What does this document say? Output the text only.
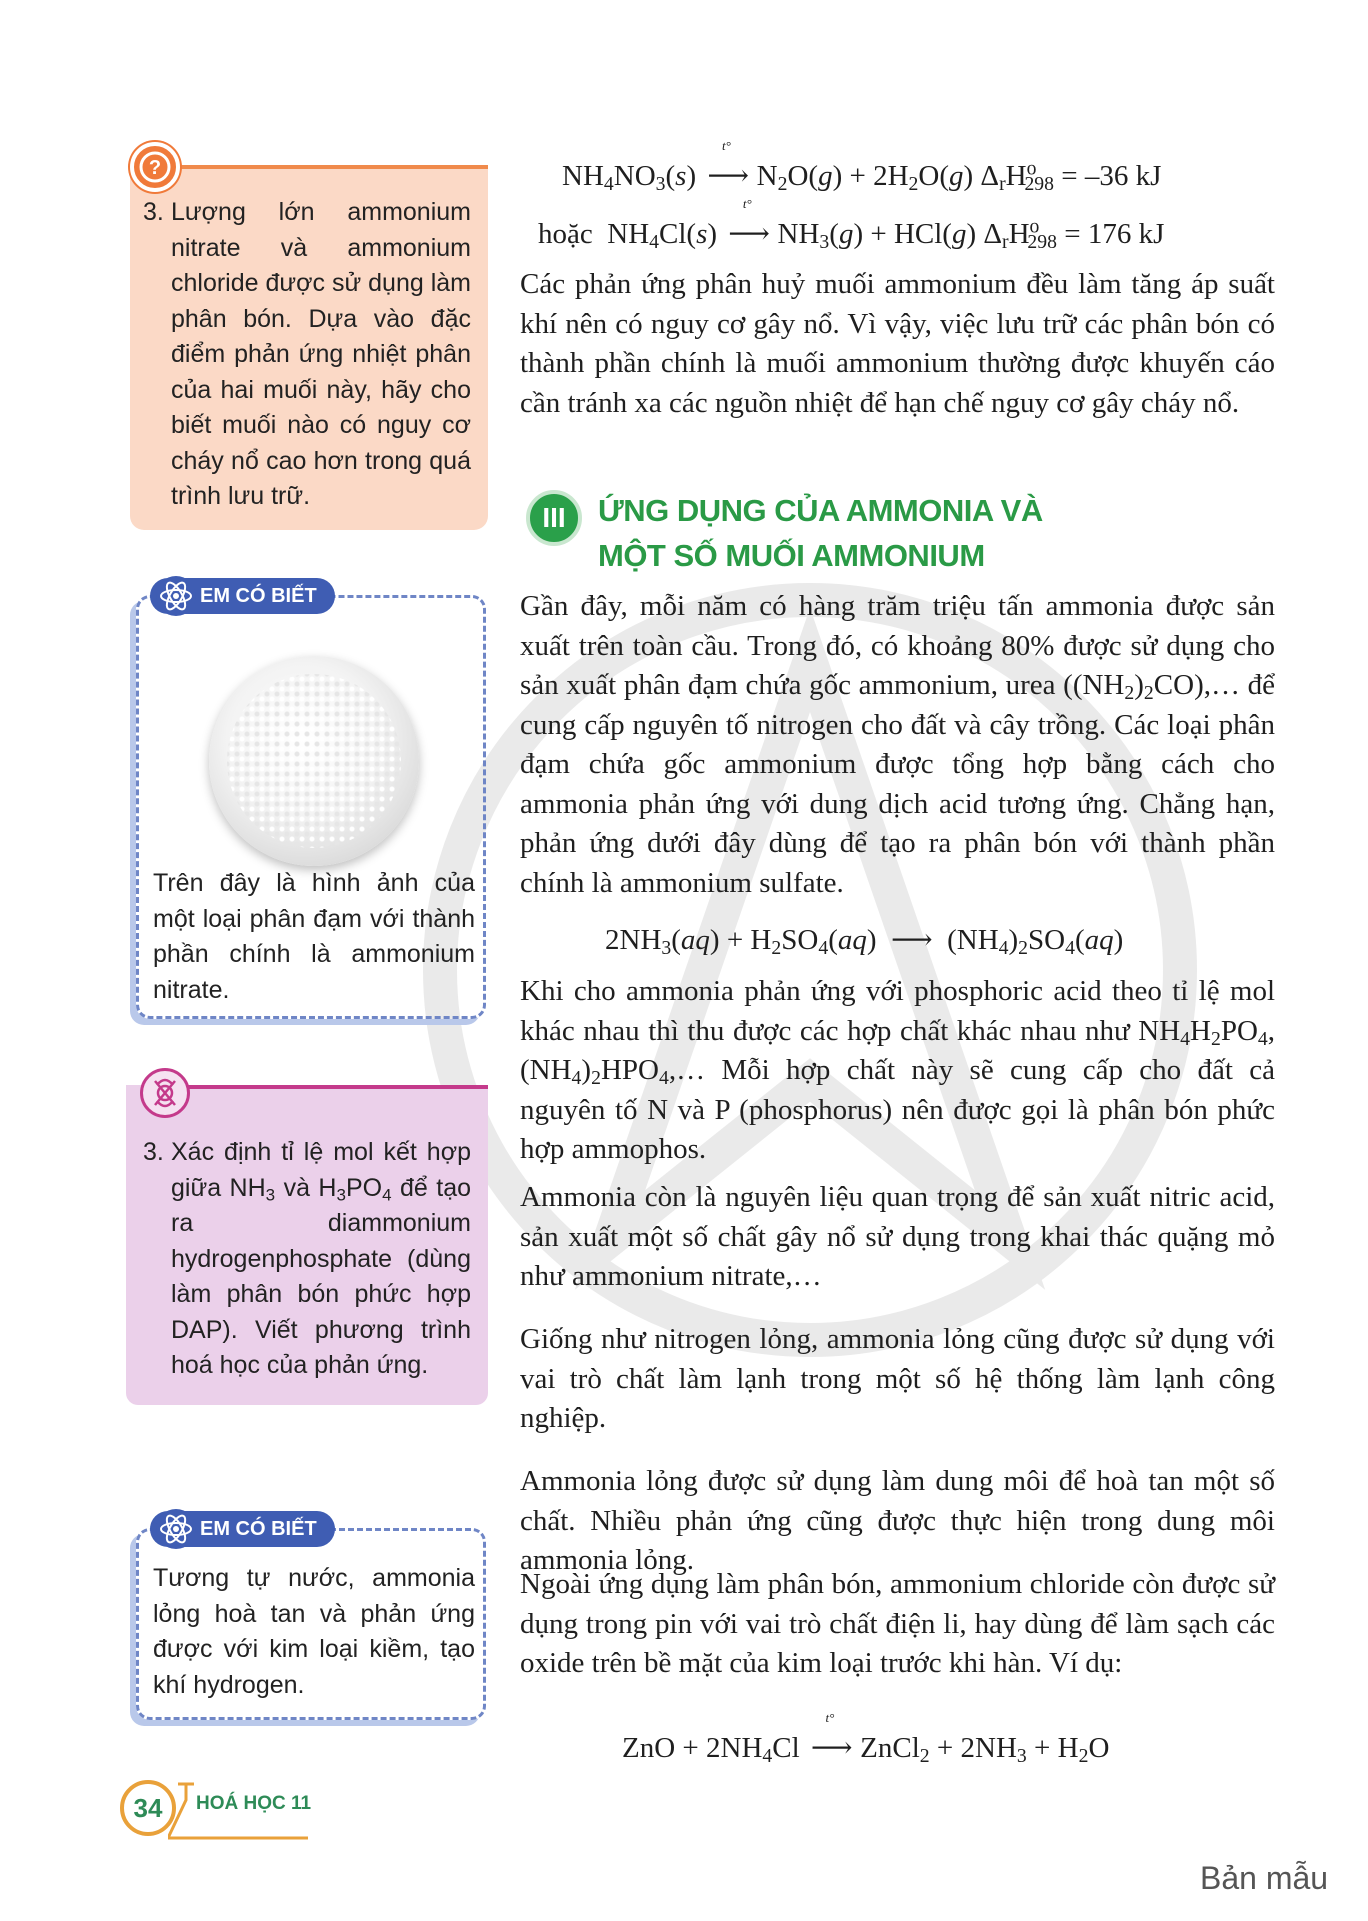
3. Lượng lớn ammonium nitrate và ammonium chloride được sử dụng làm phân bón. Dựa vào đặc điểm phản ứng nhiệt phân của hai muối này, hãy cho biết muối nào có nguy cơ cháy nổ cao hơn trong quá trình lưu trữ.
?
Trên đây là hình ảnh của một loại phân đạm với thành phần chính là ammonium nitrate.
EM CÓ BIẾT
3. Xác định tỉ lệ mol kết hợp giữa $NH_3$ và $H_3PO_4$ để tạo ra diammonium hydrogenphosphate (dùng làm phân bón phức hợp DAP). Viết phương trình hoá học của phản ứng.
Tương tự nước, ammonia lỏng hoà tan và phản ứng được với kim loại kiềm, tạo khí hydrogen.
EM CÓ BIẾT
$NH_4NO_3(s)$
t°
⟶ $N_2O(g) + 2H_2O(g) \Delta_rH^o_{298} = -36$ kJ
hoặc  $NH_4Cl(s)$
t°
⟶ $NH_3(g) + HCl(g) \Delta_rH^o_{298} = 176$ kJ
Các phản ứng phân huỷ muối ammonium đều làm tăng áp suất khí nên có nguy cơ gây nổ. Vì vậy, việc lưu trữ các phân bón có thành phần chính là muối ammonium thường được khuyến cáo cần tránh xa các nguồn nhiệt để hạn chế nguy cơ gây cháy nổ.
III	ỨNG DỤNG CỦA AMMONIA VÀ
MỘT SỐ MUỐI AMMONIUM
Gần đây, mỗi năm có hàng trăm triệu tấn ammonia được sản xuất trên toàn cầu. Trong đó, có khoảng 80% được sử dụng cho sản xuất phân đạm chứa gốc ammonium, urea $((NH_2)_2CO),\dots$ để cung cấp nguyên tố nitrogen cho đất và cây trồng. Các loại phân đạm chứa gốc ammonium được tổng hợp bằng cách cho ammonia phản ứng với dung dịch acid tương ứng. Chẳng hạn, phản ứng dưới đây dùng để tạo ra phân bón với thành phần chính là ammonium sulfate.
$2NH_3(aq) + H_2SO_4(aq)$  ⟶  $(NH_4)_2SO_4(aq)$
Khi cho ammonia phản ứng với phosphoric acid theo tỉ lệ mol khác nhau thì thu được các hợp chất khác nhau như $NH_4H_2PO_4$, $(NH_4)_2HPO_4,\dots$ Mỗi hợp chất này sẽ cung cấp cho đất cả nguyên tố N và P (phosphorus) nên được gọi là phân bón phức hợp ammophos.
Ammonia còn là nguyên liệu quan trọng để sản xuất nitric acid, sản xuất một số chất gây nổ sử dụng trong khai thác quặng mỏ như ammonium nitrate,…
Giống như nitrogen lỏng, ammonia lỏng cũng được sử dụng với vai trò chất làm lạnh trong một số hệ thống làm lạnh công nghiệp.
Ammonia lỏng được sử dụng làm dung môi để hoà tan một số chất. Nhiều phản ứng cũng được thực hiện trong dung môi ammonia lỏng.
Ngoài ứng dụng làm phân bón, ammonium chloride còn được sử dụng trong pin với vai trò chất điện li, hay dùng để làm sạch các oxide trên bề mặt của kim loại trước khi hàn. Ví dụ:
ZnO + $2NH_4Cl$
t°
⟶ ZnCl$_2$ + $2NH_3 + H_2O$
34	HOÁ HỌC 11
Bản mẫu
